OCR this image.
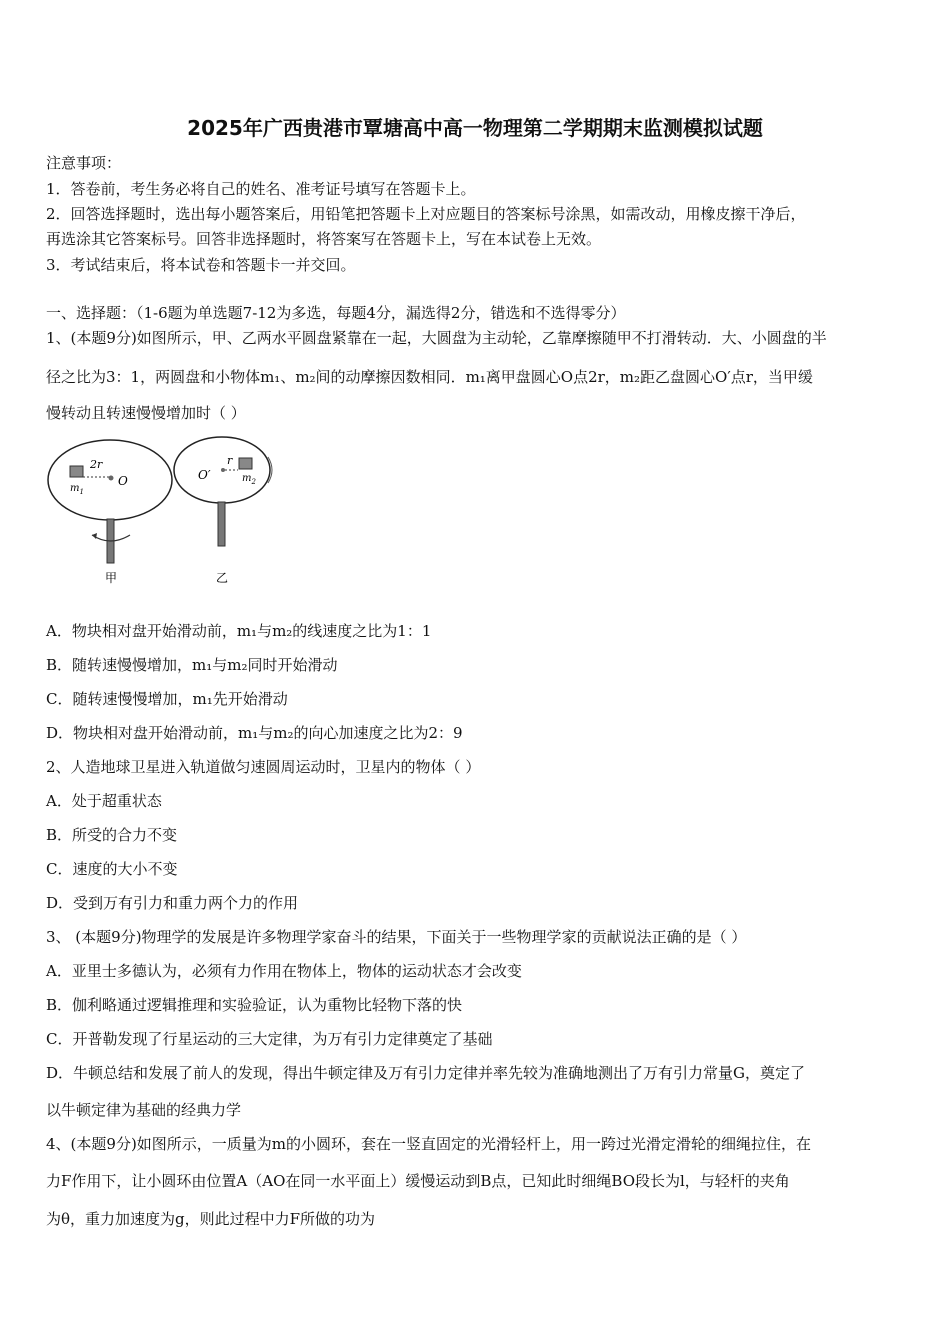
2025年广西贵港市覃塘高中高一物理第二学期期末监测模拟试题
注意事项：
1．答卷前，考生务必将自己的姓名、准考证号填写在答题卡上。
2．回答选择题时，选出每小题答案后，用铅笔把答题卡上对应题目的答案标号涂黑，如需改动，用橡皮擦干净后，
再选涂其它答案标号。回答非选择题时，将答案写在答题卡上，写在本试卷上无效。
3．考试结束后，将本试卷和答题卡一并交回。
一、选择题：（1-6题为单选题7-12为多选，每题4分，漏选得2分，错选和不选得零分）
1、(本题9分)如图所示，甲、乙两水平圆盘紧靠在一起，大圆盘为主动轮，乙靠摩擦随甲不打滑转动．大、小圆盘的半
径之比为3：1，两圆盘和小物体m₁、m₂间的动摩擦因数相同．m₁离甲盘圆心O点2r，m₂距乙盘圆心O′点r，当甲缓
慢转动且转速慢慢增加时（ ）
2r
$m_1$
O	O′
r
$m_2$
甲	乙
A．物块相对盘开始滑动前，m₁与m₂的线速度之比为1：1
B．随转速慢慢增加，m₁与m₂同时开始滑动
C．随转速慢慢增加，m₁先开始滑动
D．物块相对盘开始滑动前，m₁与m₂的向心加速度之比为2：9
2、人造地球卫星进入轨道做匀速圆周运动时，卫星内的物体（ ）
A．处于超重状态
B．所受的合力不变
C．速度的大小不变
D．受到万有引力和重力两个力的作用
3、 (本题9分)物理学的发展是许多物理学家奋斗的结果，下面关于一些物理学家的贡献说法正确的是（ ）
A．亚里士多德认为，必须有力作用在物体上，物体的运动状态才会改变
B．伽利略通过逻辑推理和实验验证，认为重物比轻物下落的快
C．开普勒发现了行星运动的三大定律，为万有引力定律奠定了基础
D．牛顿总结和发展了前人的发现，得出牛顿定律及万有引力定律并率先较为准确地测出了万有引力常量G，奠定了
以牛顿定律为基础的经典力学
4、(本题9分)如图所示，一质量为m的小圆环，套在一竖直固定的光滑轻杆上，用一跨过光滑定滑轮的细绳拉住，在
力F作用下，让小圆环由位置A（AO在同一水平面上）缓慢运动到B点，已知此时细绳BO段长为l，与轻杆的夹角
为θ，重力加速度为g，则此过程中力F所做的功为
